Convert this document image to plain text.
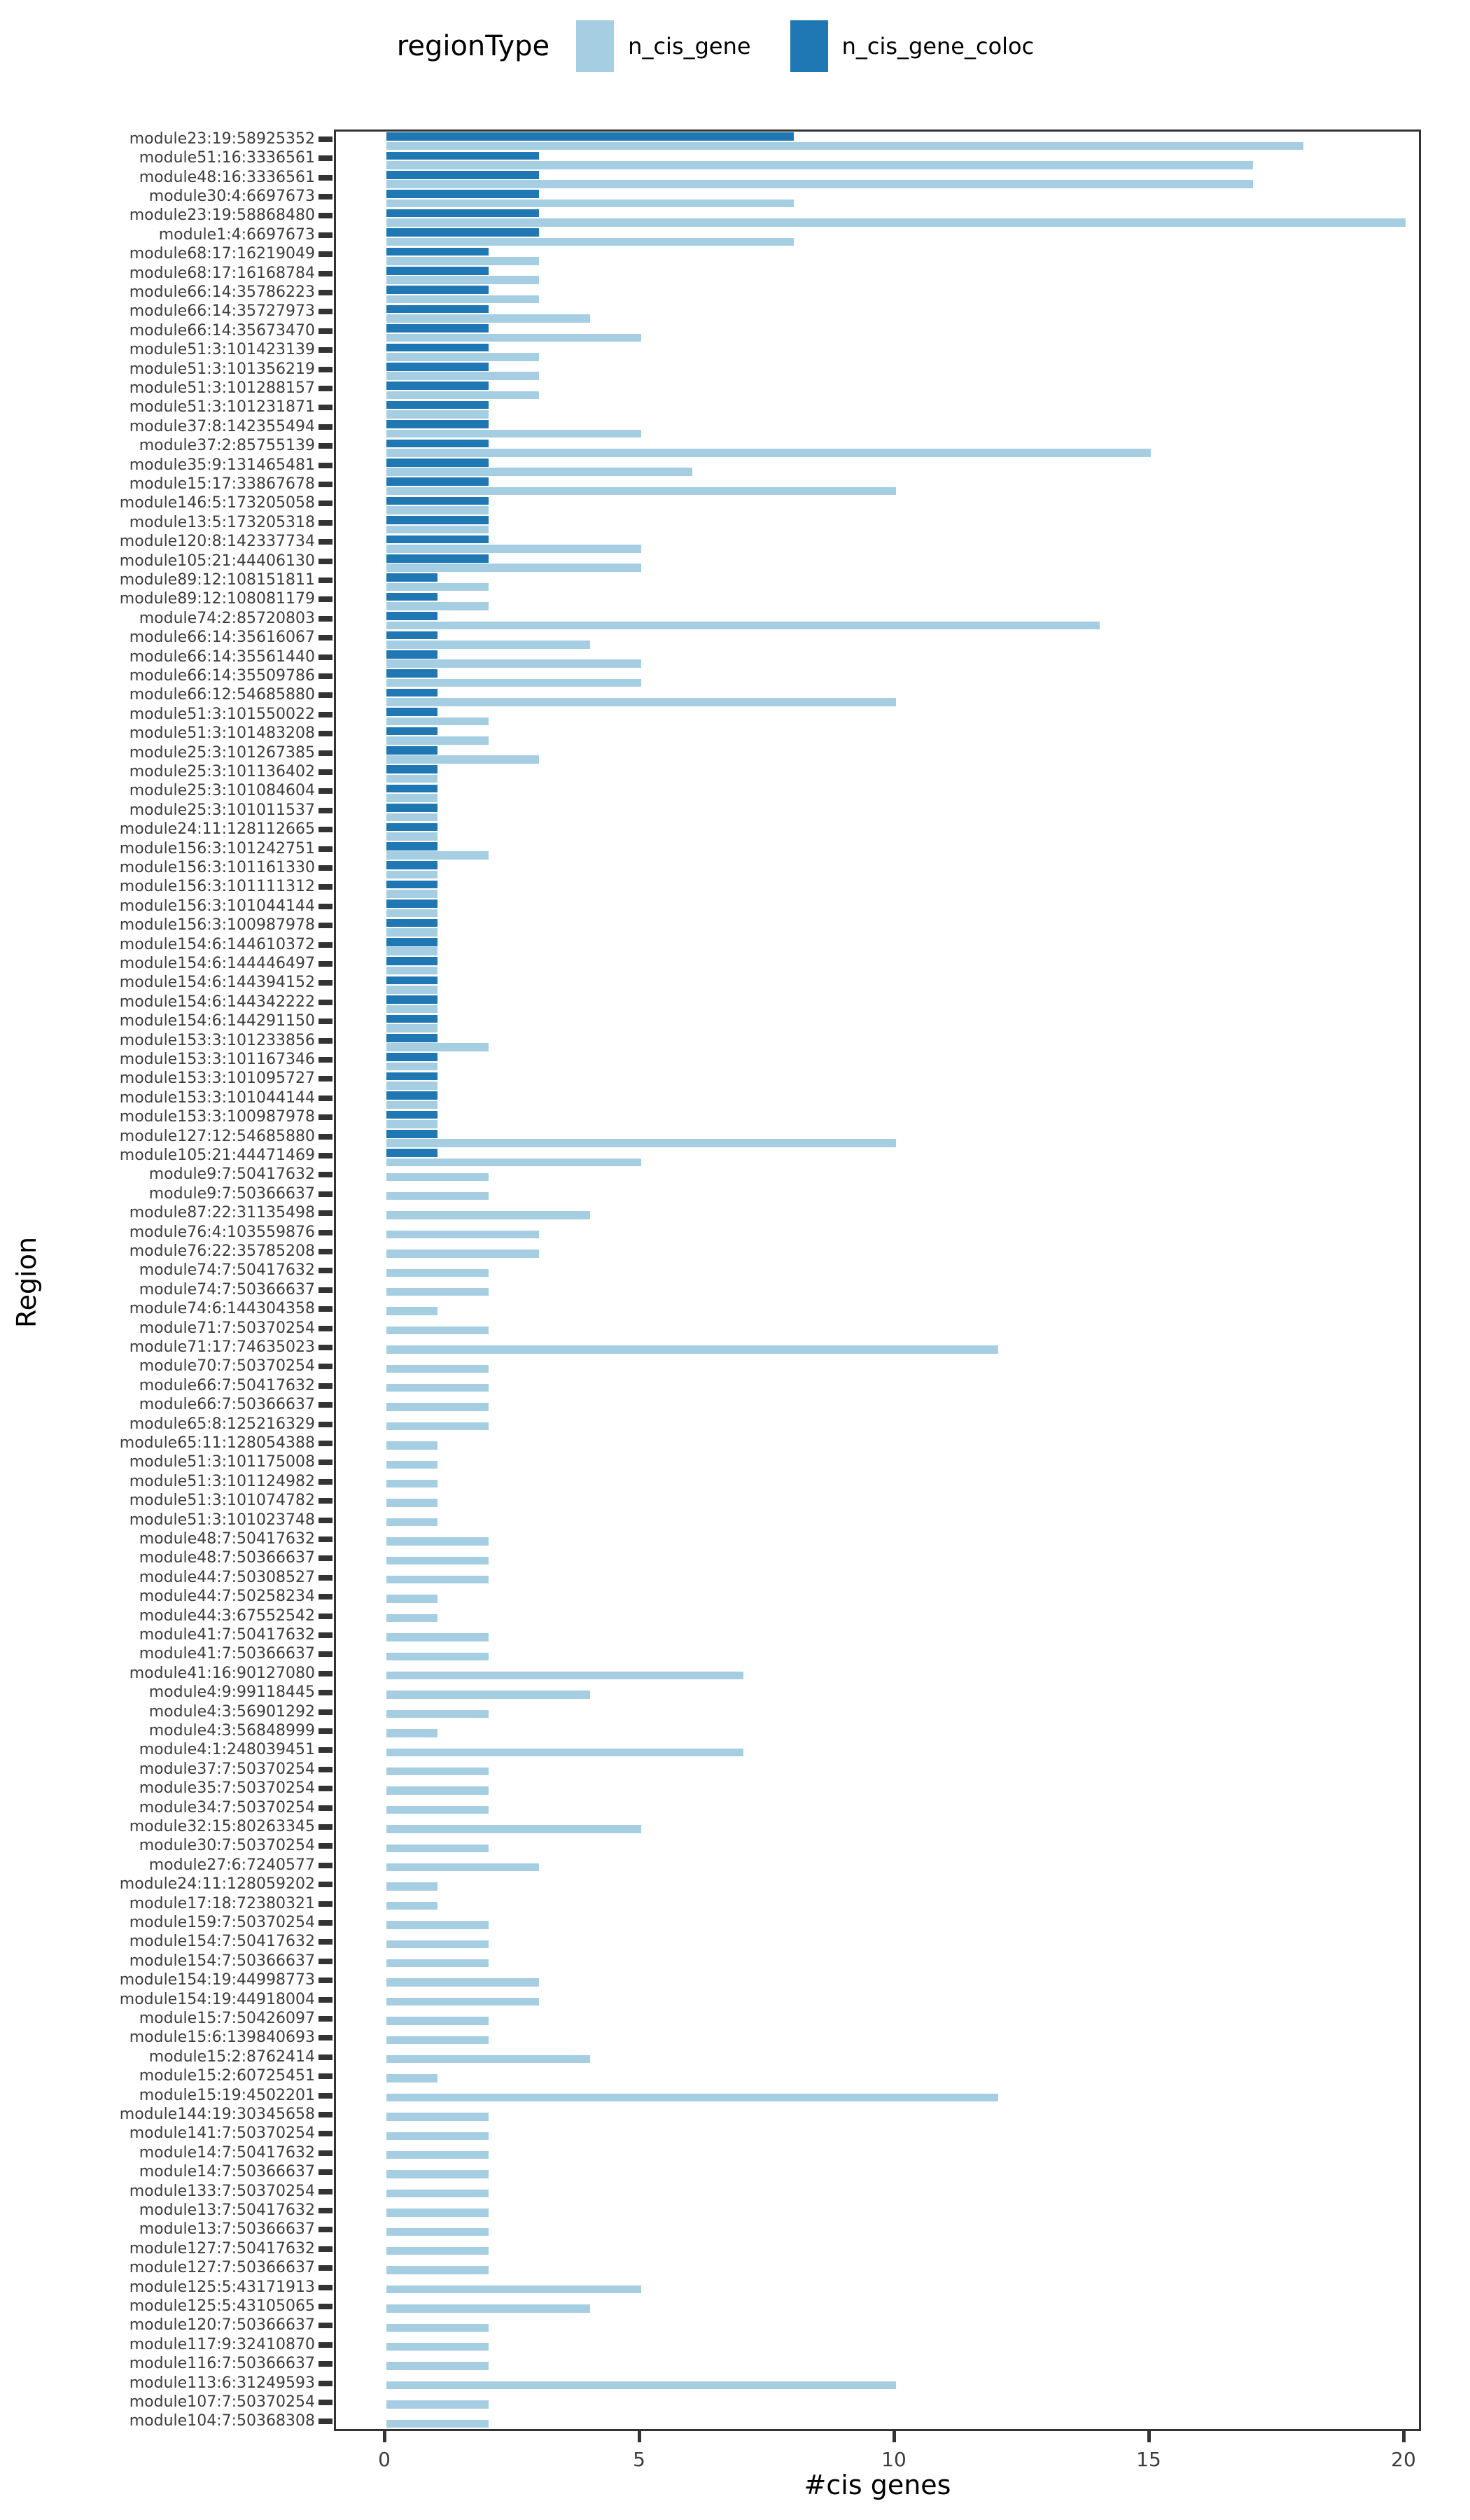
regionType	n_cis_gene	n_cis_gene_coloc
Region
module23:19:58925352
module51:16:3336561
module48:16:3336561
module30:4:6697673
module23:19:58868480
module1:4:6697673
module68:17:16219049
module68:17:16168784
module66:14:35786223
module66:14:35727973
module66:14:35673470
module51:3:101423139
module51:3:101356219
module51:3:101288157
module51:3:101231871
module37:8:142355494
module37:2:85755139
module35:9:131465481
module15:17:33867678
module146:5:173205058
module13:5:173205318
module120:8:142337734
module105:21:44406130
module89:12:108151811
module89:12:108081179
module74:2:85720803
module66:14:35616067
module66:14:35561440
module66:14:35509786
module66:12:54685880
module51:3:101550022
module51:3:101483208
module25:3:101267385
module25:3:101136402
module25:3:101084604
module25:3:101011537
module24:11:128112665
module156:3:101242751
module156:3:101161330
module156:3:101111312
module156:3:101044144
module156:3:100987978
module154:6:144610372
module154:6:144446497
module154:6:144394152
module154:6:144342222
module154:6:144291150
module153:3:101233856
module153:3:101167346
module153:3:101095727
module153:3:101044144
module153:3:100987978
module127:12:54685880
module105:21:44471469
module9:7:50417632
module9:7:50366637
module87:22:31135498
module76:4:103559876
module76:22:35785208
module74:7:50417632
module74:7:50366637
module74:6:144304358
module71:7:50370254
module71:17:74635023
module70:7:50370254
module66:7:50417632
module66:7:50366637
module65:8:125216329
module65:11:128054388
module51:3:101175008
module51:3:101124982
module51:3:101074782
module51:3:101023748
module48:7:50417632
module48:7:50366637
module44:7:50308527
module44:7:50258234
module44:3:67552542
module41:7:50417632
module41:7:50366637
module41:16:90127080
module4:9:99118445
module4:3:56901292
module4:3:56848999
module4:1:248039451
module37:7:50370254
module35:7:50370254
module34:7:50370254
module32:15:80263345
module30:7:50370254
module27:6:7240577
module24:11:128059202
module17:18:72380321
module159:7:50370254
module154:7:50417632
module154:7:50366637
module154:19:44998773
module154:19:44918004
module15:7:50426097
module15:6:139840693
module15:2:8762414
module15:2:60725451
module15:19:4502201
module144:19:30345658
module141:7:50370254
module14:7:50417632
module14:7:50366637
module133:7:50370254
module13:7:50417632
module13:7:50366637
module127:7:50417632
module127:7:50366637
module125:5:43171913
module125:5:43105065
module120:7:50366637
module117:9:32410870
module116:7:50366637
module113:6:31249593
module107:7:50370254
module104:7:50368308
0	5	10	15	20
#cis genes
